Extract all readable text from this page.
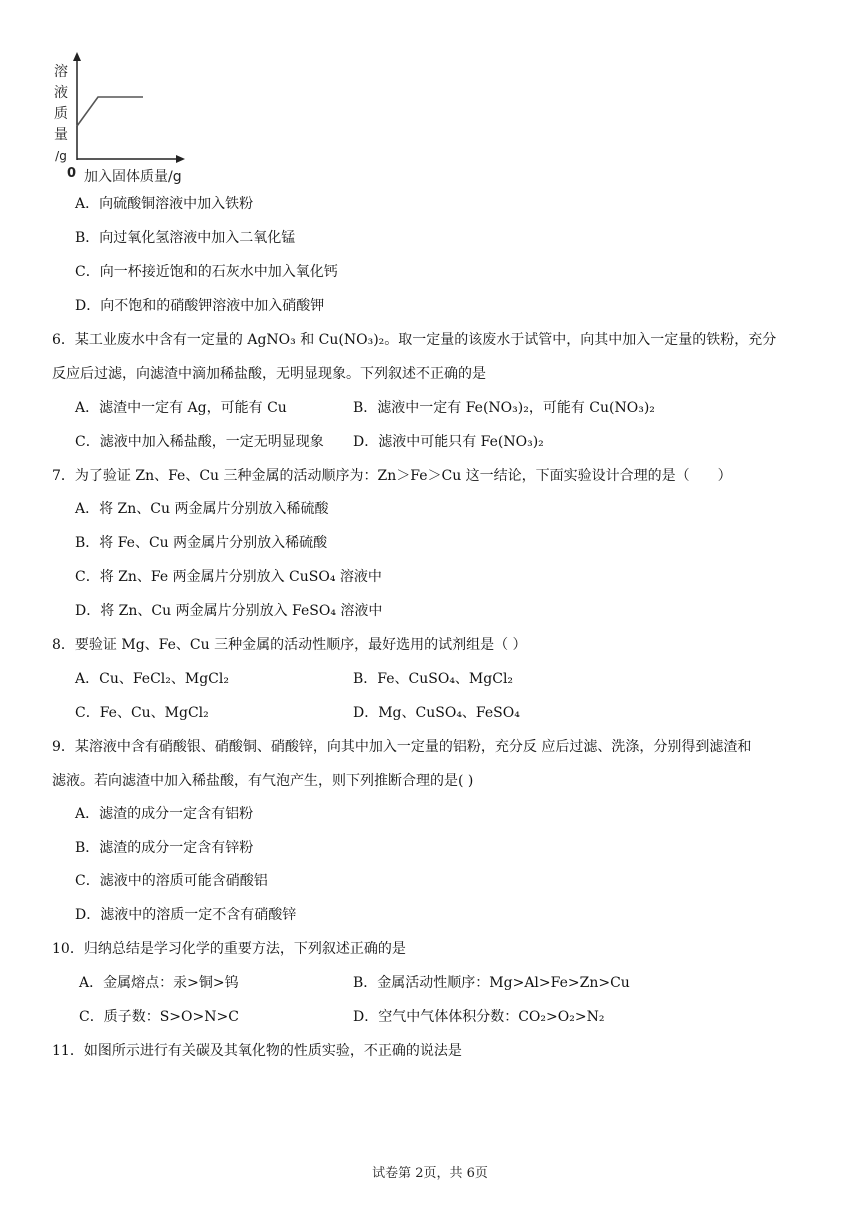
溶
液
质
量
/g
0 加入固体质量/g
A．向硫酸铜溶液中加入铁粉
B．向过氧化氢溶液中加入二氧化锰
C．向一杯接近饱和的石灰水中加入氧化钙
D．向不饱和的硝酸钾溶液中加入硝酸钾
6．某工业废水中含有一定量的 AgNO₃ 和 Cu(NO₃)₂。取一定量的该废水于试管中，向其中加入一定量的铁粉，充分
反应后过滤，向滤渣中滴加稀盐酸，无明显现象。下列叙述不正确的是
A．滤渣中一定有 Ag，可能有 Cu	B．滤液中一定有 Fe(NO₃)₂，可能有 Cu(NO₃)₂
C．滤液中加入稀盐酸，一定无明显现象 D．滤液中可能只有 Fe(NO₃)₂
7．为了验证 Zn、Fe、Cu 三种金属的活动顺序为：Zn＞Fe＞Cu 这一结论，下面实验设计合理的是（　　）
A．将 Zn、Cu 两金属片分别放入稀硫酸
B．将 Fe、Cu 两金属片分别放入稀硫酸
C．将 Zn、Fe 两金属片分别放入 CuSO₄ 溶液中
D．将 Zn、Cu 两金属片分别放入 FeSO₄ 溶液中
8．要验证 Mg、Fe、Cu 三种金属的活动性顺序，最好选用的试剂组是（ ）
A．Cu、FeCl₂、MgCl₂	B．Fe、CuSO₄、MgCl₂
C．Fe、Cu、MgCl₂	D．Mg、CuSO₄、FeSO₄
9．某溶液中含有硝酸银、硝酸铜、硝酸锌，向其中加入一定量的铝粉，充分反 应后过滤、洗涤，分别得到滤渣和
滤液。若向滤渣中加入稀盐酸，有气泡产生，则下列推断合理的是( )
A．滤渣的成分一定含有铝粉
B．滤渣的成分一定含有锌粉
C．滤液中的溶质可能含硝酸铝
D．滤液中的溶质一定不含有硝酸锌
10．归纳总结是学习化学的重要方法，下列叙述正确的是
A．金属熔点：汞>铜>钨	B．金属活动性顺序：Mg>Al>Fe>Zn>Cu
C．质子数：S>O>N>C	D．空气中气体体积分数：CO₂>O₂>N₂
11．如图所示进行有关碳及其氧化物的性质实验，不正确的说法是
试卷第 2页，共 6页
